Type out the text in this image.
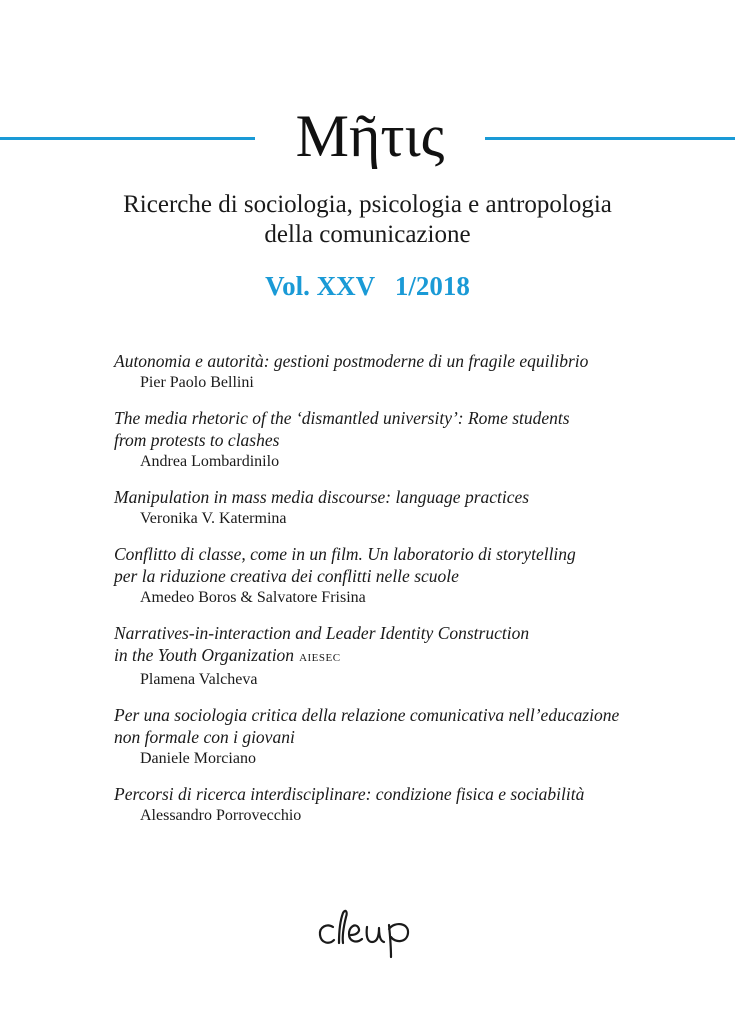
Μῆτις
Ricerche di sociologia, psicologia e antropologia
della comunicazione
Vol. XXV 1/2018
Autonomia e autorità: gestioni postmoderne di un fragile equilibrio
Pier Paolo Bellini
The media rhetoric of the ‘dismantled university’: Rome students
from protests to clashes
Andrea Lombardinilo
Manipulation in mass media discourse: language practices
Veronika V. Katermina
Conflitto di classe, come in un film. Un laboratorio di storytelling
per la riduzione creativa dei conflitti nelle scuole
Amedeo Boros & Salvatore Frisina
Narratives-in-interaction and Leader Identity Construction
in the Youth Organization AIESEC
Plamena Valcheva
Per una sociologia critica della relazione comunicativa nell’educazione
non formale con i giovani
Daniele Morciano
Percorsi di ricerca interdisciplinare: condizione fisica e sociabilità
Alessandro Porrovecchio
